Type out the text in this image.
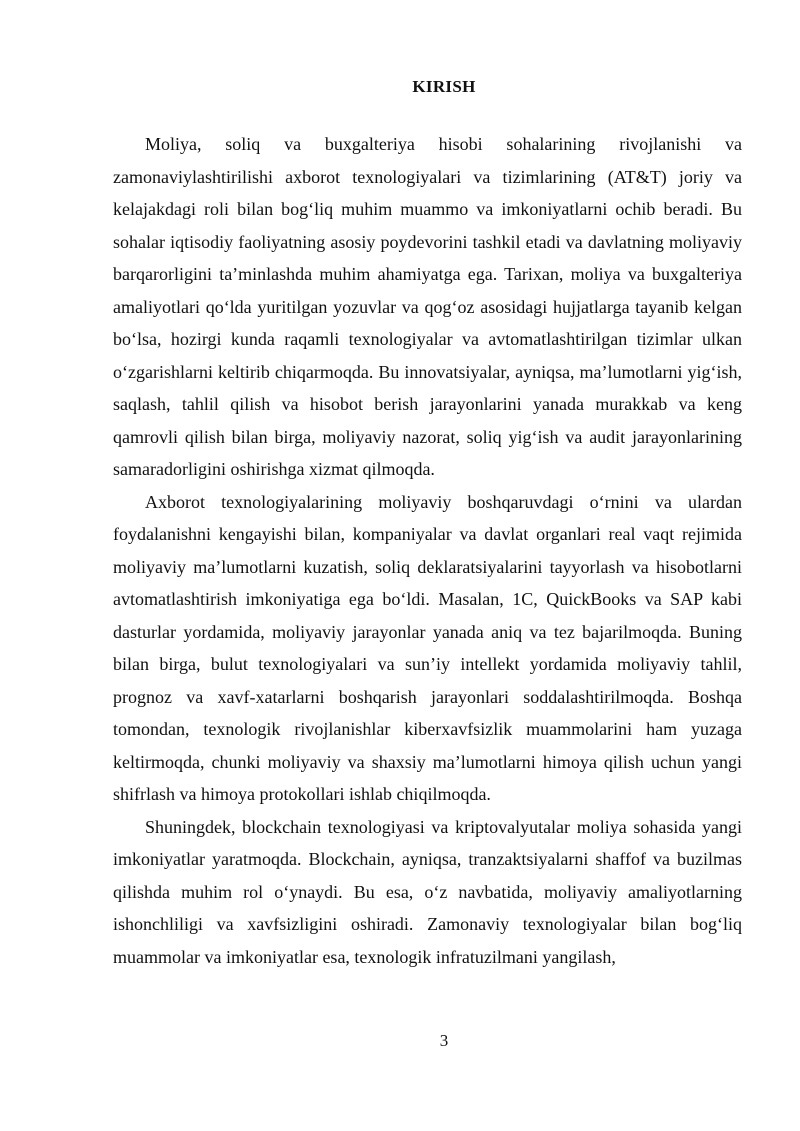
KIRISH

Moliya, soliq va buxgalteriya hisobi sohalarining rivojlanishi va zamonaviylashtirilishi axborot texnologiyalari va tizimlarining (AT&T) joriy va kelajakdagi roli bilan bog‘liq muhim muammo va imkoniyatlarni ochib beradi. Bu sohalar iqtisodiy faoliyatning asosiy poydevorini tashkil etadi va davlatning moliyaviy barqarorligini ta’minlashda muhim ahamiyatga ega. Tarixan, moliya va buxgalteriya amaliyotlari qo‘lda yuritilgan yozuvlar va qog‘oz asosidagi hujjatlarga tayanib kelgan bo‘lsa, hozirgi kunda raqamli texnologiyalar va avtomatlashtirilgan tizimlar ulkan o‘zgarishlarni keltirib chiqarmoqda. Bu innovatsiyalar, ayniqsa, ma’lumotlarni yig‘ish, saqlash, tahlil qilish va hisobot berish jarayonlarini yanada murakkab va keng qamrovli qilish bilan birga, moliyaviy nazorat, soliq yig‘ish va audit jarayonlarining samaradorligini oshirishga xizmat qilmoqda.

Axborot texnologiyalarining moliyaviy boshqaruvdagi o‘rnini va ulardan foydalanishni kengayishi bilan, kompaniyalar va davlat organlari real vaqt rejimida moliyaviy ma’lumotlarni kuzatish, soliq deklaratsiyalarini tayyorlash va hisobotlarni avtomatlashtirish imkoniyatiga ega bo‘ldi. Masalan, 1C, QuickBooks va SAP kabi dasturlar yordamida, moliyaviy jarayonlar yanada aniq va tez bajarilmoqda. Buning bilan birga, bulut texnologiyalari va sun’iy intellekt yordamida moliyaviy tahlil, prognoz va xavf-xatarlarni boshqarish jarayonlari soddalashtirilmoqda. Boshqa tomondan, texnologik rivojlanishlar kiberxavfsizlik muammolarini ham yuzaga keltirmoqda, chunki moliyaviy va shaxsiy ma’lumotlarni himoya qilish uchun yangi shifrlash va himoya protokollari ishlab chiqilmoqda.

Shuningdek, blockchain texnologiyasi va kriptovalyutalar moliya sohasida yangi imkoniyatlar yaratmoqda. Blockchain, ayniqsa, tranzaktsiyalarni shaffof va buzilmas qilishda muhim rol o‘ynaydi. Bu esa, o‘z navbatida, moliyaviy amaliyotlarning ishonchliligi va xavfsizligini oshiradi. Zamonaviy texnologiyalar bilan bog‘liq muammolar va imkoniyatlar esa, texnologik infratuzilmani yangilash,

3
